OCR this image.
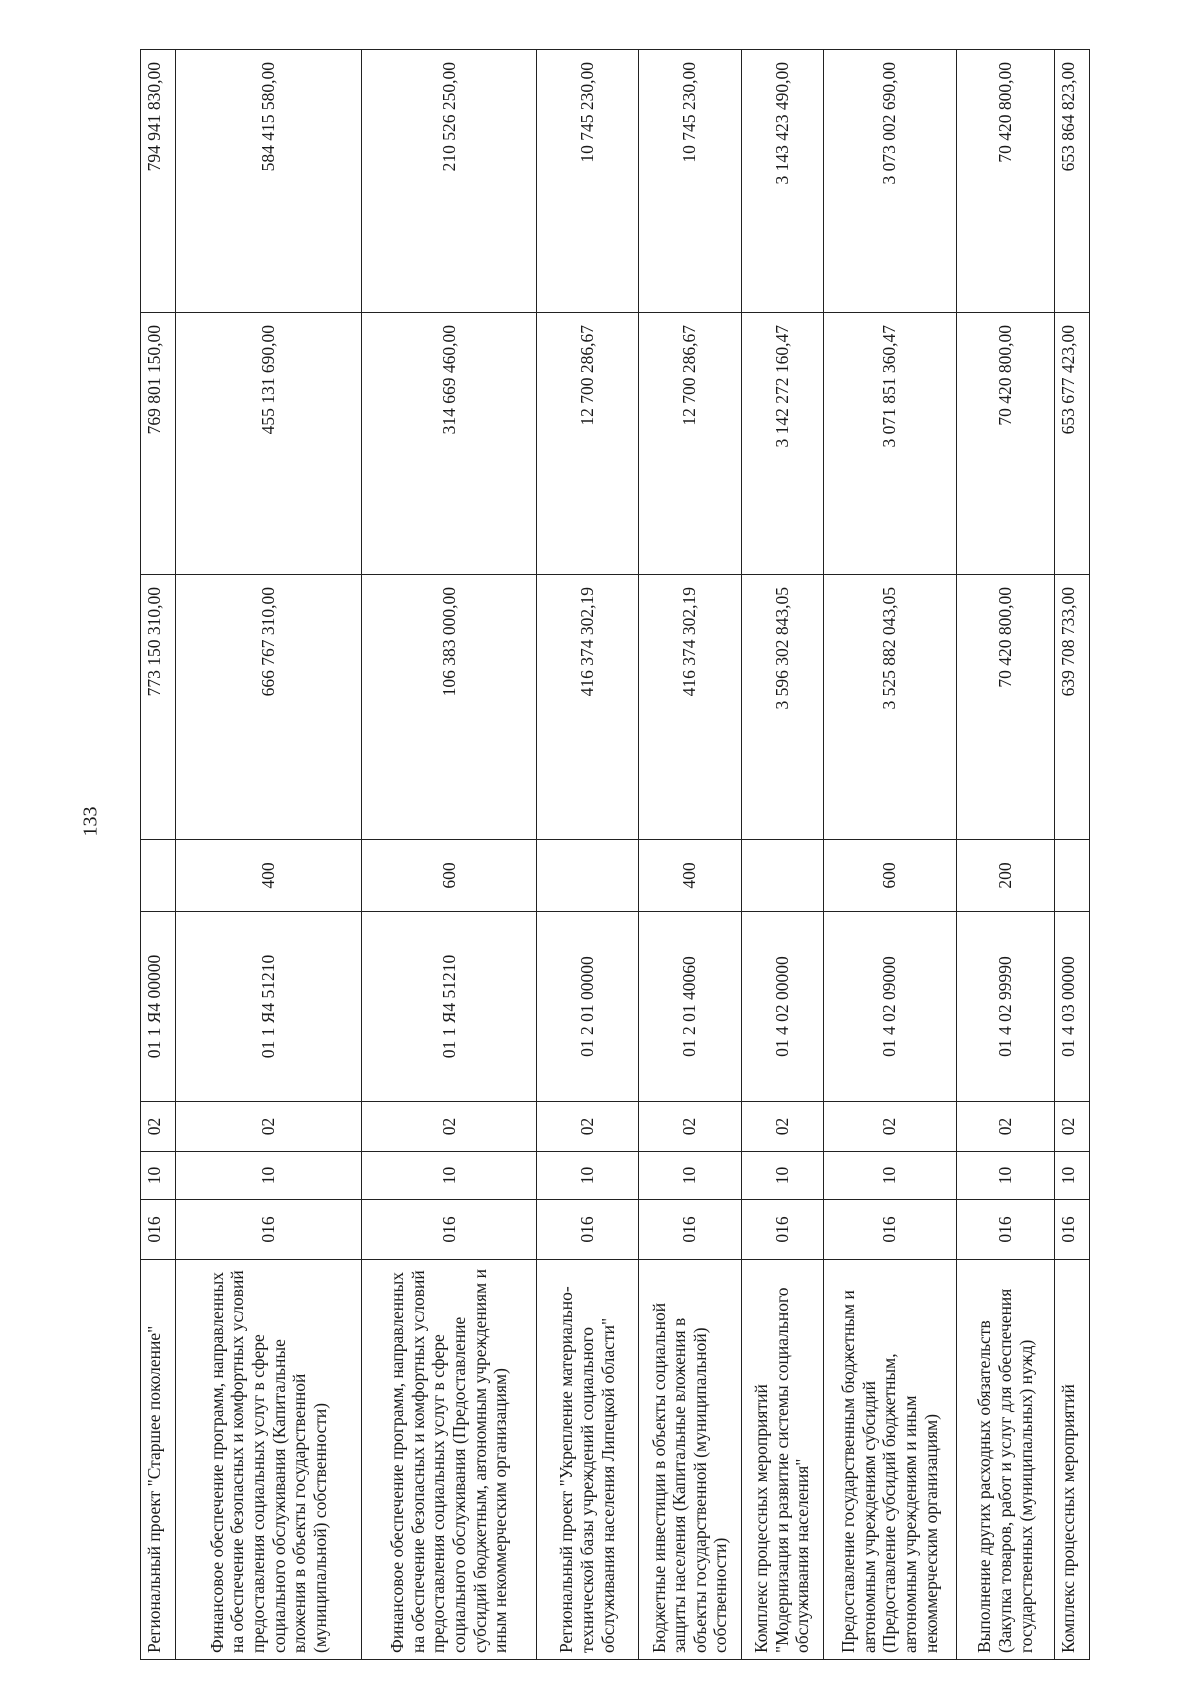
133
Региональный проект "Старшее поколение"	016	10	02	01 1 Я4 00000		773 150 310,00	769 801 150,00	794 941 830,00
Финансовое обеспечение программ, направленных на обеспечение безопасных и комфортных условий предоставления социальных услуг в сфере социального обслуживания (Капитальные вложения в объекты государственной (муниципальной) собственности)	016	10	02	01 1 Я4 51210	400	666 767 310,00	455 131 690,00	584 415 580,00
Финансовое обеспечение программ, направленных на обеспечение безопасных и комфортных условий предоставления социальных услуг в сфере социального обслуживания (Предоставление субсидий бюджетным, автономным учреждениям и иным некоммерческим организациям)	016	10	02	01 1 Я4 51210	600	106 383 000,00	314 669 460,00	210 526 250,00
Региональный проект "Укрепление материально-технической базы учреждений социального обслуживания населения Липецкой области"	016	10	02	01 2 01 00000		416 374 302,19	12 700 286,67	10 745 230,00
Бюджетные инвестиции в объекты социальной защиты населения (Капитальные вложения в объекты государственной (муниципальной) собственности)	016	10	02	01 2 01 40060	400	416 374 302,19	12 700 286,67	10 745 230,00
Комплекс процессных мероприятий "Модернизация и развитие системы социального обслуживания населения"	016	10	02	01 4 02 00000		3 596 302 843,05	3 142 272 160,47	3 143 423 490,00
Предоставление государственным бюджетным и автономным учреждениям субсидий (Предоставление субсидий бюджетным, автономным учреждениям и иным некоммерческим организациям)	016	10	02	01 4 02 09000	600	3 525 882 043,05	3 071 851 360,47	3 073 002 690,00
Выполнение других расходных обязательств (Закупка товаров, работ и услуг для обеспечения государственных (муниципальных) нужд)	016	10	02	01 4 02 99990	200	70 420 800,00	70 420 800,00	70 420 800,00
Комплекс процессных мероприятий	016	10	02	01 4 03 00000		639 708 733,00	653 677 423,00	653 864 823,00
